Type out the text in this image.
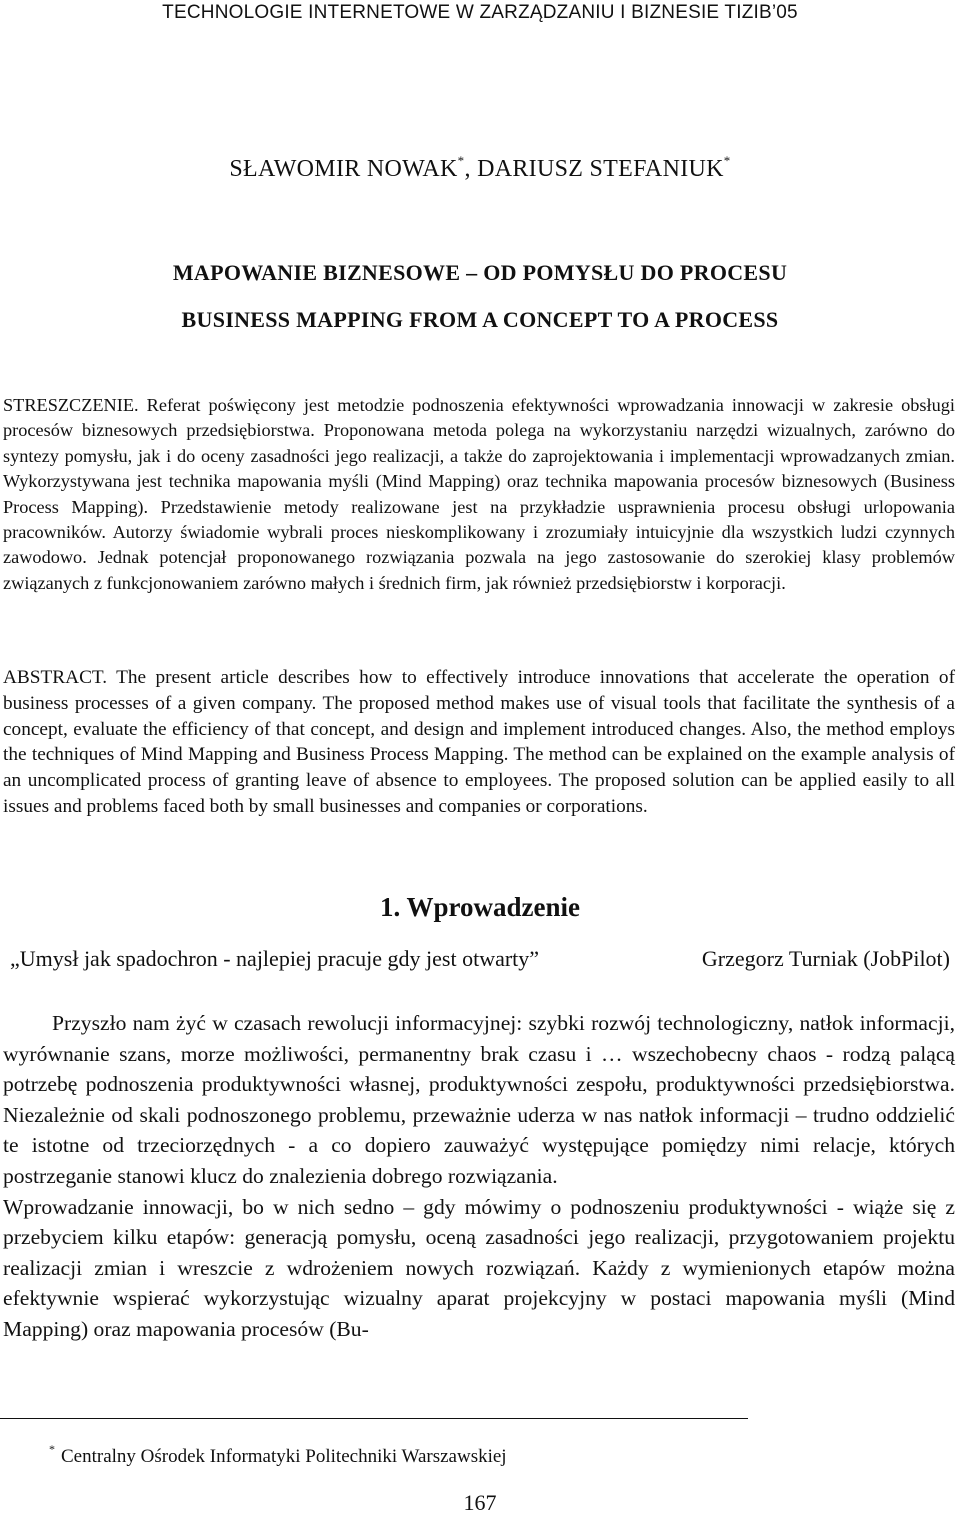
TECHNOLOGIE INTERNETOWE W ZARZĄDZANIU I BIZNESIE TIZIB’05
SŁAWOMIR NOWAK*, DARIUSZ STEFANIUK*
MAPOWANIE BIZNESOWE – OD POMYSŁU DO PROCESU
BUSINESS MAPPING FROM A CONCEPT TO A PROCESS

STRESZCZENIE. Referat poświęcony jest metodzie podnoszenia efektywności wprowadzania innowacji w zakresie obsługi procesów biznesowych przedsiębiorstwa. Proponowana metoda polega na wykorzystaniu narzędzi wizualnych, zarówno do syntezy pomysłu, jak i do oceny zasadności jego realizacji, a także do zaprojektowania i implementacji wprowadzanych zmian. Wykorzystywana jest technika mapowania myśli (Mind Mapping) oraz technika mapowania procesów biznesowych (Business Process Mapping). Przedstawienie metody realizowane jest na przykładzie usprawnienia procesu obsługi urlopowania pracowników. Autorzy świadomie wybrali proces nieskomplikowany i zrozumiały intuicyjnie dla wszystkich ludzi czynnych zawodowo. Jednak potencjał proponowanego rozwiązania pozwala na jego zastosowanie do szerokiej klasy problemów związanych z funkcjonowaniem zarówno małych i średnich firm, jak również przedsiębiorstw i korporacji.

ABSTRACT. The present article describes how to effectively introduce innovations that accelerate the operation of business processes of a given company. The proposed method makes use of visual tools that facilitate the synthesis of a concept, evaluate the efficiency of that concept, and design and implement introduced changes. Also, the method employs the techniques of Mind Mapping and Business Process Mapping. The method can be explained on the example analysis of an uncomplicated process of granting leave of absence to employees. The proposed solution can be applied easily to all issues and problems faced both by small businesses and companies or corporations.

1. Wprowadzenie
„Umysł jak spadochron - najlepiej pracuje gdy jest otwarty”	Grzegorz Turniak (JobPilot)

Przyszło nam żyć w czasach rewolucji informacyjnej: szybki rozwój technologiczny, natłok informacji, wyrównanie szans, morze możliwości, permanentny brak czasu i … wszechobecny chaos - rodzą palącą potrzebę podnoszenia produktywności własnej, produktywności zespołu, produktywności przedsiębiorstwa. Niezależnie od skali podnoszonego problemu, przeważnie uderza w nas natłok informacji – trudno oddzielić te istotne od trzeciorzędnych - a co dopiero zauważyć występujące pomiędzy nimi relacje, których postrzeganie stanowi klucz do znalezienia dobrego rozwiązania.

Wprowadzanie innowacji, bo w nich sedno – gdy mówimy o podnoszeniu produktywności - wiąże się z przebyciem kilku etapów: generacją pomysłu, oceną zasadności jego realizacji, przygotowaniem projektu realizacji zmian i wreszcie z wdrożeniem nowych rozwiązań. Każdy z wymienionych etapów można efektywnie wspierać wykorzystując wizualny aparat projekcyjny w postaci mapowania myśli (Mind Mapping) oraz mapowania procesów (Bu-

* Centralny Ośrodek Informatyki Politechniki Warszawskiej
167
